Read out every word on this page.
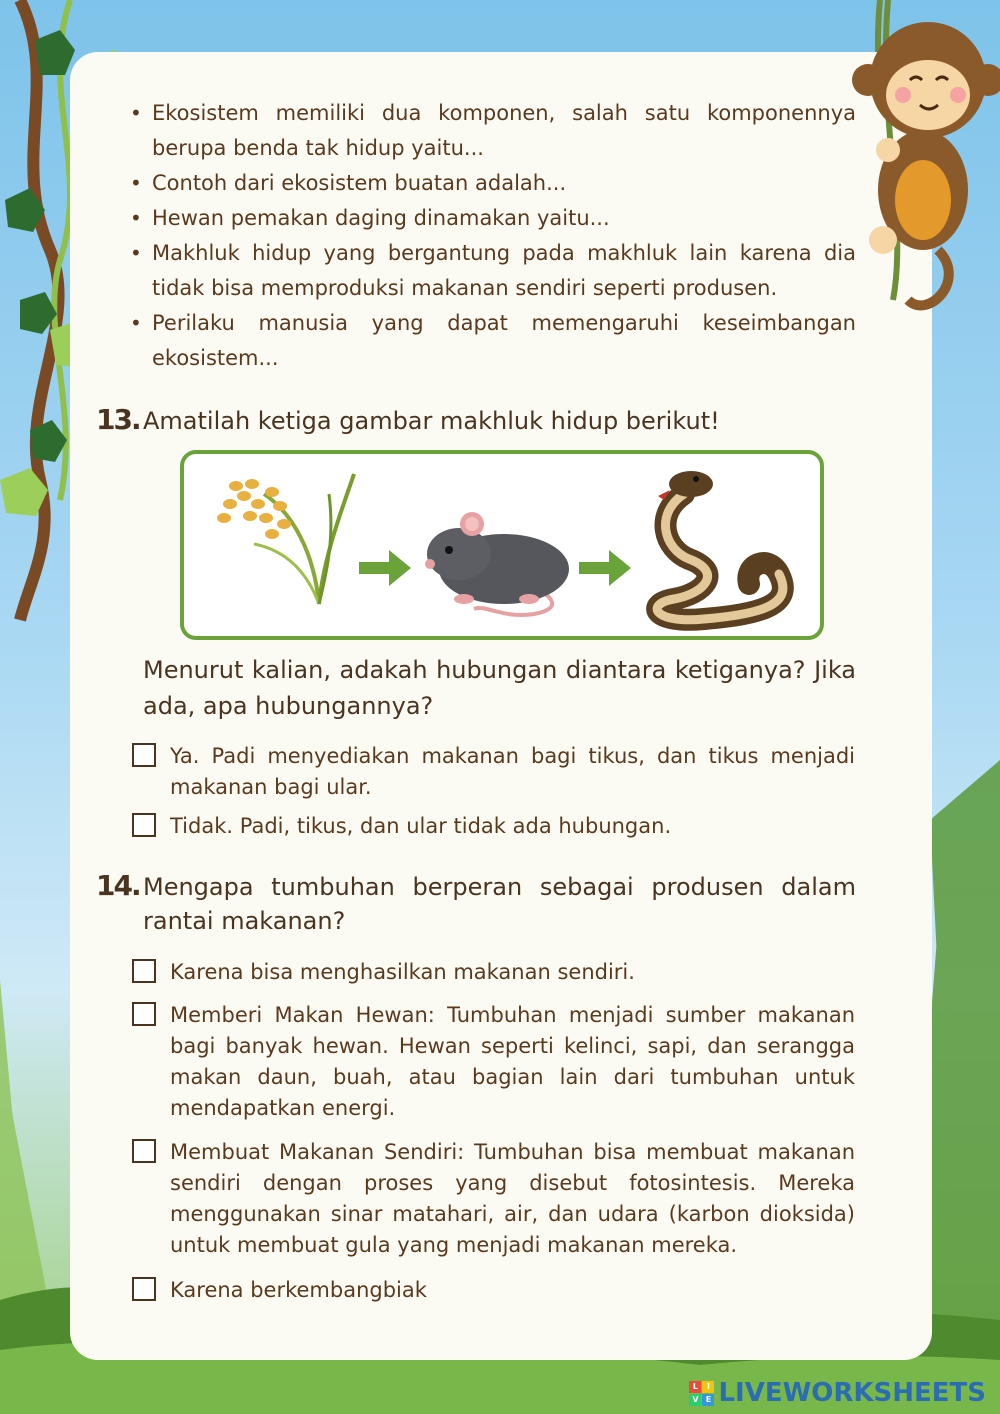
• Ekosistem memiliki dua komponen, salah satu komponennya berupa benda tak hidup yaitu...
• Contoh dari ekosistem buatan adalah...
• Hewan pemakan daging dinamakan yaitu...
• Makhluk hidup yang bergantung pada makhluk lain karena dia tidak bisa memproduksi makanan sendiri seperti produsen.
• Perilaku manusia yang dapat memengaruhi keseimbangan ekosistem...
13. Amatilah ketiga gambar makhluk hidup berikut!
Menurut kalian, adakah hubungan diantara ketiganya? Jika ada, apa hubungannya?
Ya. Padi menyediakan makanan bagi tikus, dan tikus menjadi makanan bagi ular.
Tidak. Padi, tikus, dan ular tidak ada hubungan.
14. Mengapa tumbuhan berperan sebagai produsen dalam rantai makanan?
Karena bisa menghasilkan makanan sendiri.
Memberi Makan Hewan: Tumbuhan menjadi sumber makanan bagi banyak hewan. Hewan seperti kelinci, sapi, dan serangga makan daun, buah, atau bagian lain dari tumbuhan untuk mendapatkan energi.
Membuat Makanan Sendiri: Tumbuhan bisa membuat makanan sendiri dengan proses yang disebut fotosintesis. Mereka menggunakan sinar matahari, air, dan udara (karbon dioksida) untuk membuat gula yang menjadi makanan mereka.
Karena berkembangbiak
L	I
V E LIVEWORKSHEETS
